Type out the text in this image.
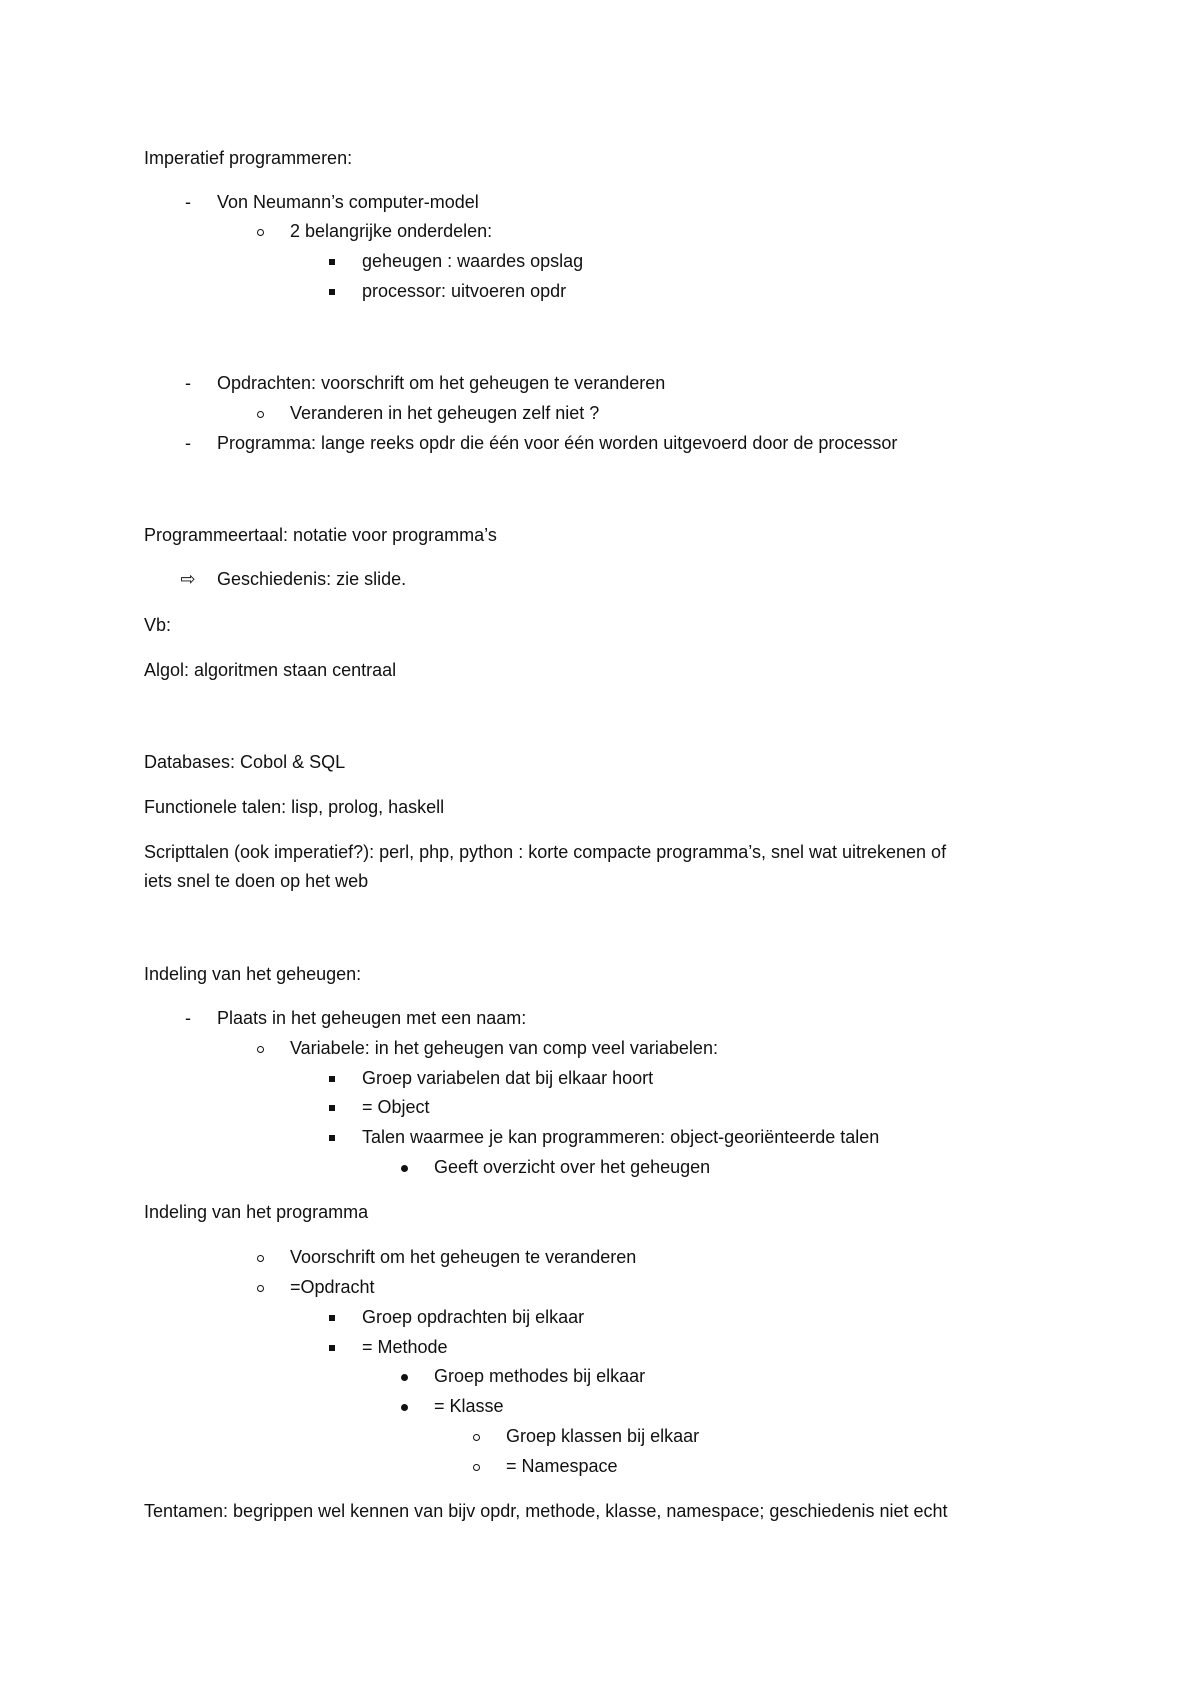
Imperatief programmeren:
-	Von Neumann’s computer-model
2 belangrijke onderdelen:
geheugen : waardes opslag
processor: uitvoeren opdr
-	Opdrachten: voorschrift om het geheugen te veranderen
Veranderen in het geheugen zelf niet ?
-	Programma: lange reeks opdr die één voor één worden uitgevoerd door de processor
Programmeertaal: notatie voor programma’s
⇨ Geschiedenis: zie slide.
Vb:
Algol: algoritmen staan centraal
Databases: Cobol & SQL
Functionele talen: lisp, prolog, haskell
Scripttalen (ook imperatief?): perl, php, python : korte compacte programma’s, snel wat uitrekenen of
iets snel te doen op het web
Indeling van het geheugen:
-	Plaats in het geheugen met een naam:
Variabele: in het geheugen van comp veel variabelen:
Groep variabelen dat bij elkaar hoort
= Object
Talen waarmee je kan programmeren: object-georiënteerde talen
Geeft overzicht over het geheugen
Indeling van het programma
Voorschrift om het geheugen te veranderen
=Opdracht
Groep opdrachten bij elkaar
= Methode
Groep methodes bij elkaar
= Klasse
Groep klassen bij elkaar
= Namespace
Tentamen: begrippen wel kennen van bijv opdr, methode, klasse, namespace; geschiedenis niet echt
